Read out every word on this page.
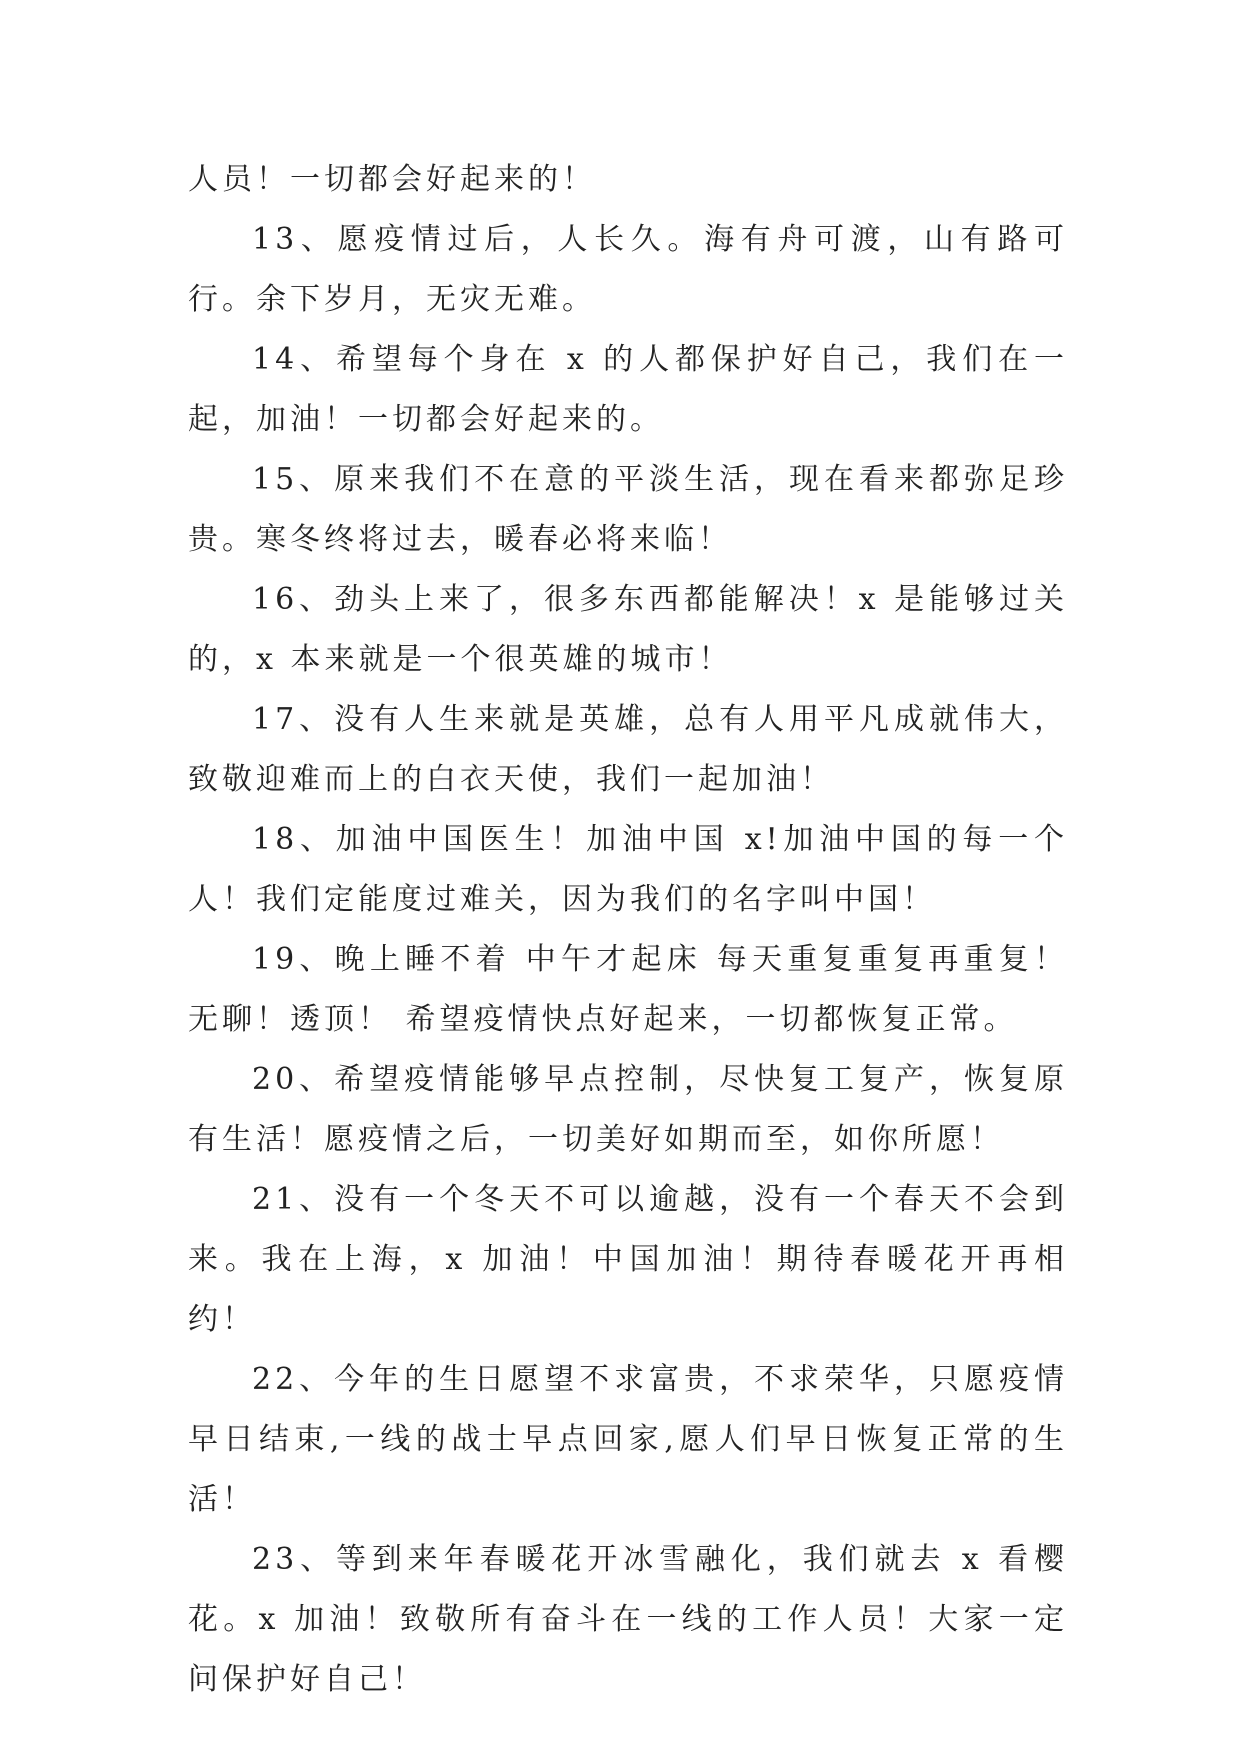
人员！一切都会好起来的！

13、愿疫情过后，人长久。海有舟可渡，山有路可行。余下岁月，无灾无难。

14、希望每个身在 x 的人都保护好自己，我们在一起，加油！一切都会好起来的。

15、原来我们不在意的平淡生活，现在看来都弥足珍贵。寒冬终将过去，暖春必将来临！

16、劲头上来了，很多东西都能解决！x 是能够过关的，x 本来就是一个很英雄的城市！

17、没有人生来就是英雄，总有人用平凡成就伟大，致敬迎难而上的白衣天使，我们一起加油！

18、加油中国医生！加油中国 x!加油中国的每一个人！我们定能度过难关，因为我们的名字叫中国！

19、晚上睡不着 中午才起床 每天重复重复再重复！无聊！透顶！ 希望疫情快点好起来，一切都恢复正常。

20、希望疫情能够早点控制，尽快复工复产，恢复原有生活！愿疫情之后，一切美好如期而至，如你所愿！

21、没有一个冬天不可以逾越，没有一个春天不会到来。我在上海，x 加油！中国加油！期待春暖花开再相约！

22、今年的生日愿望不求富贵，不求荣华，只愿疫情早日结束,一线的战士早点回家,愿人们早日恢复正常的生活！

23、等到来年春暖花开冰雪融化，我们就去 x 看樱花。x 加油！致敬所有奋斗在一线的工作人员！大家一定问保护好自己！
